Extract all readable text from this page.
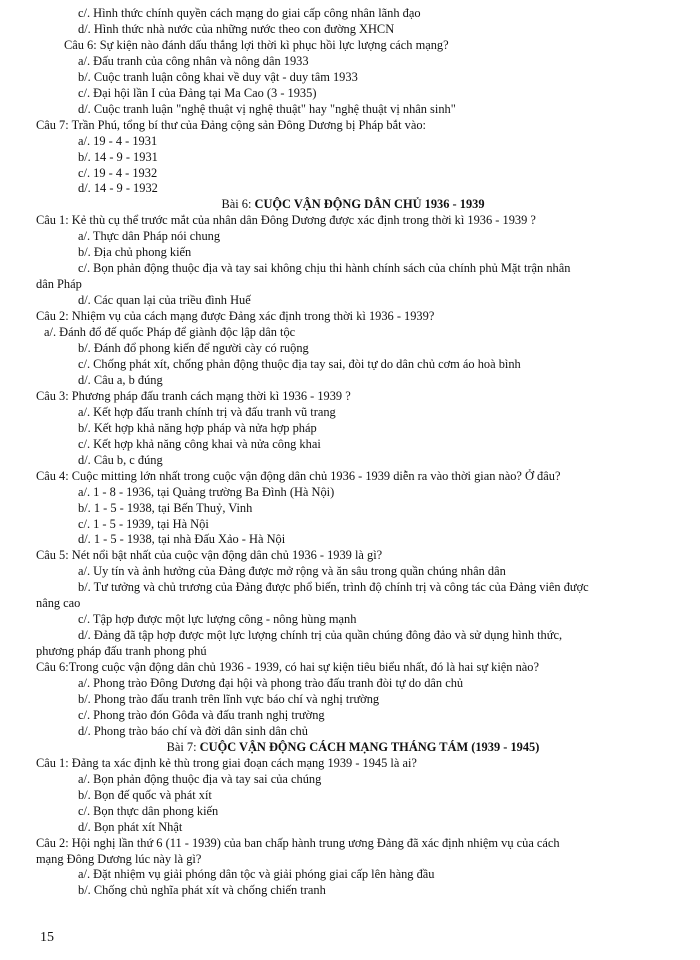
c/. Hình thức chính quyền cách mạng do giai cấp công nhân lãnh đạo
d/. Hình thức nhà nước của những nước theo con đường XHCN
Câu 6: Sự kiện nào đánh dấu thắng lợi thời kì phục hồi lực lượng cách mạng?
a/. Đấu tranh của công nhân và nông dân 1933
b/. Cuộc tranh luận công khai về duy vật - duy tâm 1933
c/. Đại hội lần I của Đảng tại Ma Cao (3 - 1935)
d/. Cuộc tranh luận "nghệ thuật vị nghệ thuật" hay "nghệ thuật vị nhân sinh"
Câu 7: Trần Phú, tổng bí thư của Đảng cộng sản Đông Dương bị Pháp bắt vào:
a/. 19 - 4 - 1931
b/. 14 - 9 - 1931
c/. 19 - 4 - 1932
d/. 14 - 9 - 1932
Bài 6: CUỘC VẬN ĐỘNG DÂN CHỦ 1936 - 1939
Câu 1: Kẻ thù cụ thể trước mắt của nhân dân Đông Dương được xác định trong thời kì 1936 - 1939 ?
a/. Thực dân Pháp nói chung
b/. Địa chủ phong kiến
c/. Bọn phản động thuộc địa và tay sai không chịu thi hành chính sách của chính phủ Mặt trận nhân
dân Pháp
d/. Các quan lại của triều đình Huế
Câu 2: Nhiệm vụ của cách mạng được Đảng xác định trong thời kì 1936 - 1939?
a/. Đánh đổ đế quốc Pháp để giành độc lập dân tộc
b/. Đánh đổ phong kiến để người cày có ruộng
c/. Chống phát xít, chống phản động thuộc địa tay sai, đòi tự do dân chủ cơm áo hoà bình
d/. Câu a, b đúng
Câu 3: Phương pháp đấu tranh cách mạng thời kì 1936 - 1939 ?
a/. Kết hợp đấu tranh chính trị và đấu tranh vũ trang
b/. Kết hợp khả năng hợp pháp và nửa hợp pháp
c/. Kết hợp khả năng công khai và nửa công khai
d/. Câu b, c đúng
Câu 4: Cuộc mitting lớn nhất trong cuộc vận động dân chủ 1936 - 1939 diễn ra vào thời gian nào? Ở đâu?
a/. 1 - 8 - 1936, tại Quảng trường Ba Đình (Hà Nội)
b/. 1 - 5 - 1938, tại Bến Thuỷ, Vinh
c/. 1 - 5 - 1939, tại Hà Nội
d/. 1 - 5 - 1938, tại nhà Đấu Xảo - Hà Nội
Câu 5: Nét nổi bật nhất của cuộc vận động dân chủ 1936 - 1939 là gì?
a/. Uy tín và ảnh hưởng của Đảng được mở rộng và ăn sâu trong quần chúng nhân dân
b/. Tư tưởng và chủ trương của Đảng được phổ biến, trình độ chính trị và công tác của Đảng viên được
nâng cao
c/. Tập hợp được một lực lượng công - nông hùng mạnh
d/. Đảng đã tập hợp được một lực lượng chính trị của quần chúng đông đảo và sử dụng hình thức,
phương pháp đấu tranh phong phú
Câu 6:Trong cuộc vận động dân chủ 1936 - 1939, có hai sự kiện tiêu biểu nhất, đó là hai sự kiện nào?
a/. Phong trào Đông Dương đại hội và phong trào đấu tranh đòi tự do dân chủ
b/. Phong trào đấu tranh trên lĩnh vực báo chí và nghị trường
c/. Phong trào đón Gôđa và đấu tranh nghị trường
d/. Phong trào báo chí và đời dân sinh dân chủ
Bài 7: CUỘC VẬN ĐỘNG CÁCH MẠNG THÁNG TÁM (1939 - 1945)
Câu 1: Đảng ta xác định kẻ thù trong giai đoạn cách mạng 1939 - 1945 là ai?
a/. Bọn phản động thuộc địa và tay sai của chúng
b/. Bọn đế quốc và phát xít
c/. Bọn thực dân phong kiến
d/. Bọn phát xít Nhật
Câu 2: Hội nghị lần thứ 6 (11 - 1939) của ban chấp hành trung ương Đảng đã xác định nhiệm vụ của cách
mạng Đông Dương lúc này là gì?
a/. Đặt nhiệm vụ giải phóng dân tộc và giải phóng giai cấp lên hàng đầu
b/. Chống chủ nghĩa phát xít và chống chiến tranh
15
